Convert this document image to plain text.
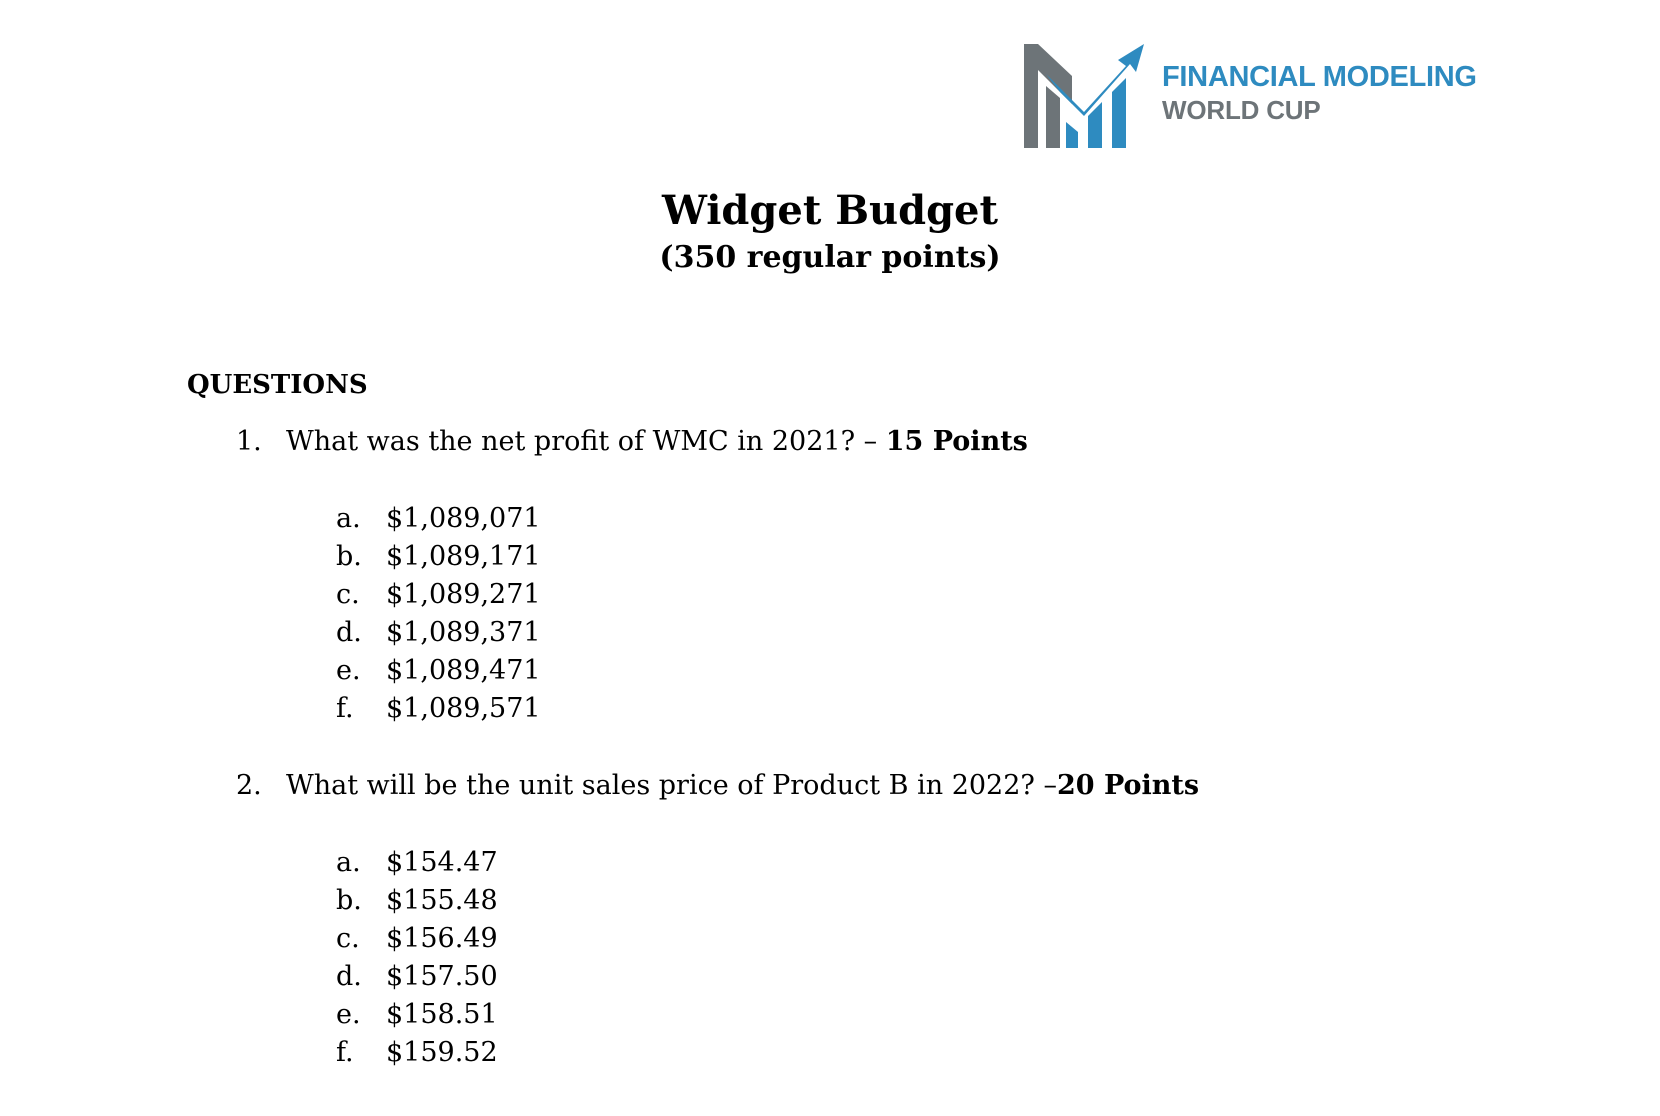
FINANCIAL MODELING
WORLD CUP
Widget Budget

(350 regular points)

QUESTIONS
1. What was the net profit of WMC in 2021? – 15 Points
a. $1,089,071
b. $1,089,171
c. $1,089,271
d. $1,089,371
e. $1,089,471
f. $1,089,571
2. What will be the unit sales price of Product B in 2022? –20 Points
a. $154.47
b. $155.48
c. $156.49
d. $157.50
e. $158.51
f. $159.52
